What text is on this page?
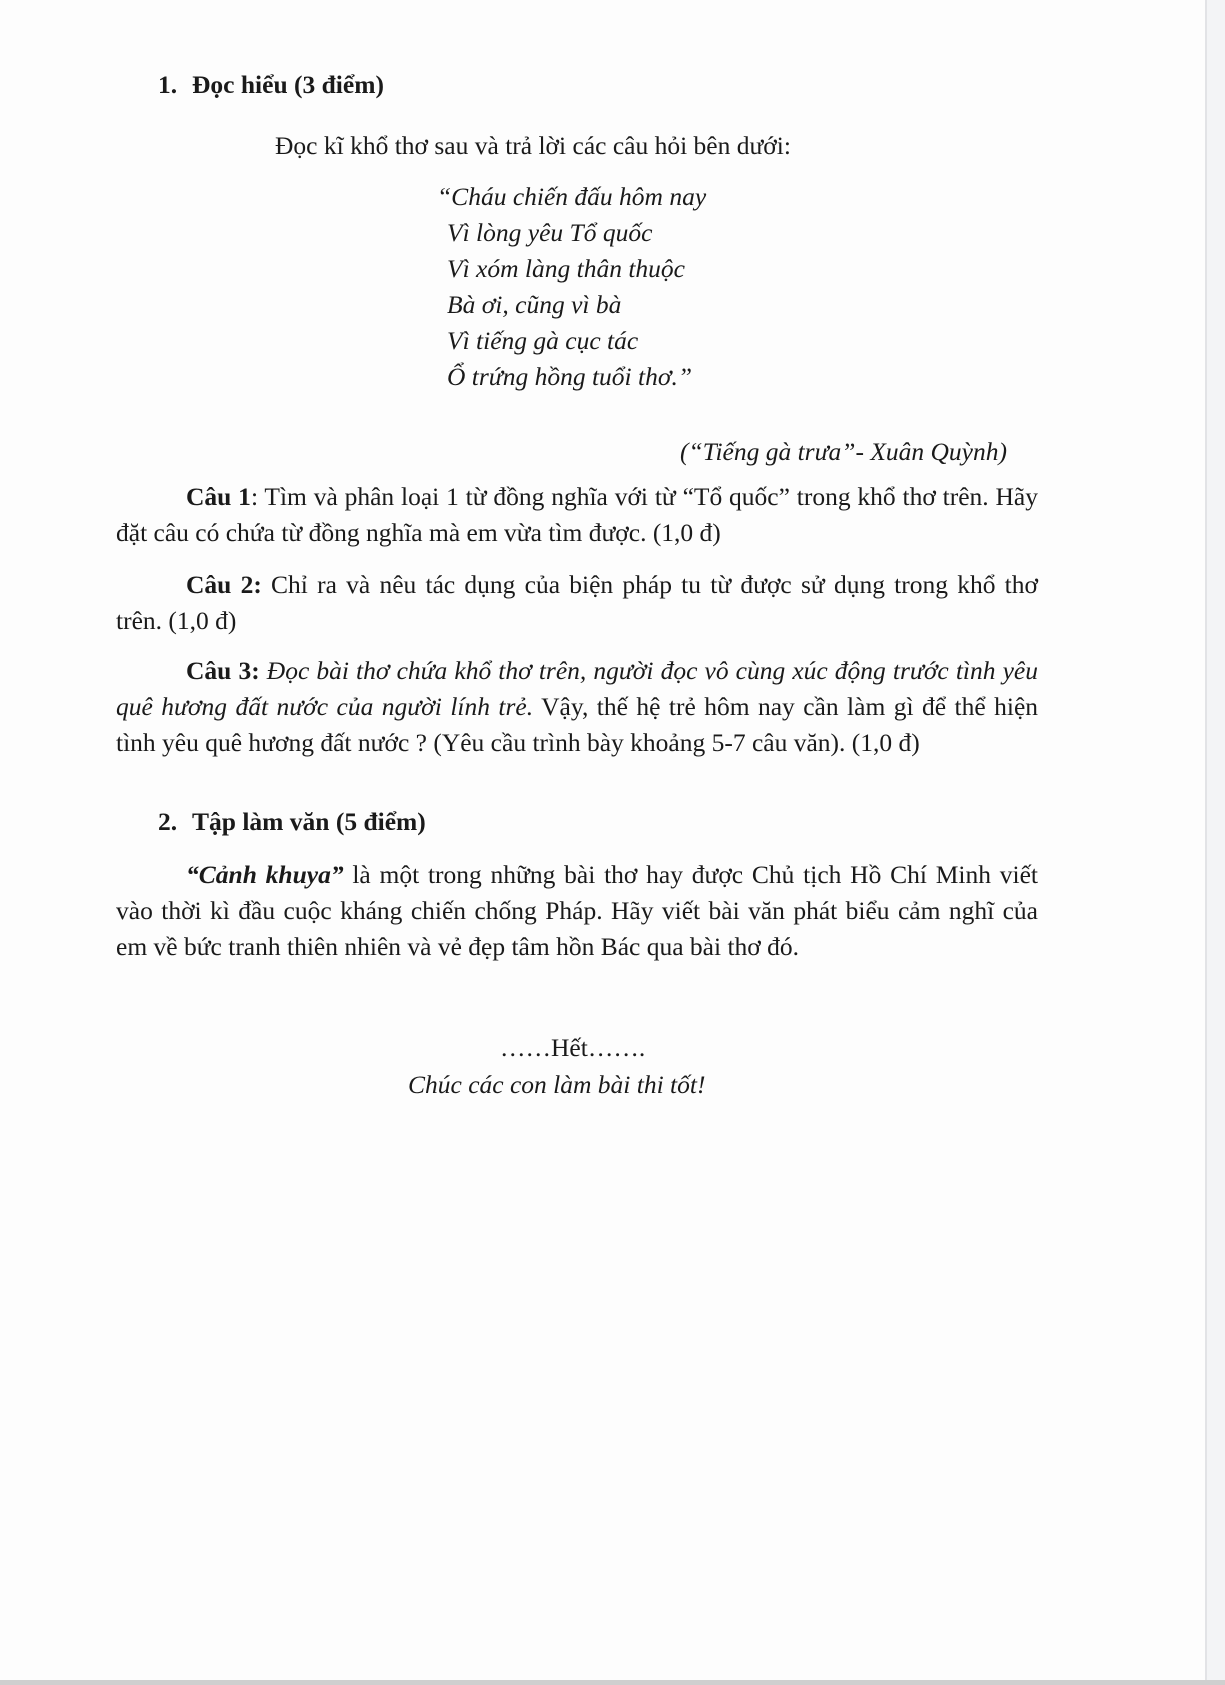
1. Đọc hiểu (3 điểm)
Đọc kĩ khổ thơ sau và trả lời các câu hỏi bên dưới:
“Cháu chiến đấu hôm nay
Vì lòng yêu Tổ quốc
Vì xóm làng thân thuộc
Bà ơi, cũng vì bà
Vì tiếng gà cục tác
Ổ trứng hồng tuổi thơ.”
(“Tiếng gà trưa”- Xuân Quỳnh)
Câu 1: Tìm và phân loại 1 từ đồng nghĩa với từ “Tổ quốc” trong khổ thơ trên. Hãy đặt câu có chứa từ đồng nghĩa mà em vừa tìm được. (1,0 đ)
Câu 2: Chỉ ra và nêu tác dụng của biện pháp tu từ được sử dụng trong khổ thơ trên. (1,0 đ)
Câu 3: Đọc bài thơ chứa khổ thơ trên, người đọc vô cùng xúc động trước tình yêu quê hương đất nước của người lính trẻ. Vậy, thế hệ trẻ hôm nay cần làm gì để thể hiện tình yêu quê hương đất nước ? (Yêu cầu trình bày khoảng 5-7 câu văn). (1,0 đ)
2. Tập làm văn (5 điểm)
“Cảnh khuya” là một trong những bài thơ hay được Chủ tịch Hồ Chí Minh viết vào thời kì đầu cuộc kháng chiến chống Pháp. Hãy viết bài văn phát biểu cảm nghĩ của em về bức tranh thiên nhiên và vẻ đẹp tâm hồn Bác qua bài thơ đó.
……Hết…….
Chúc các con làm bài thi tốt!
